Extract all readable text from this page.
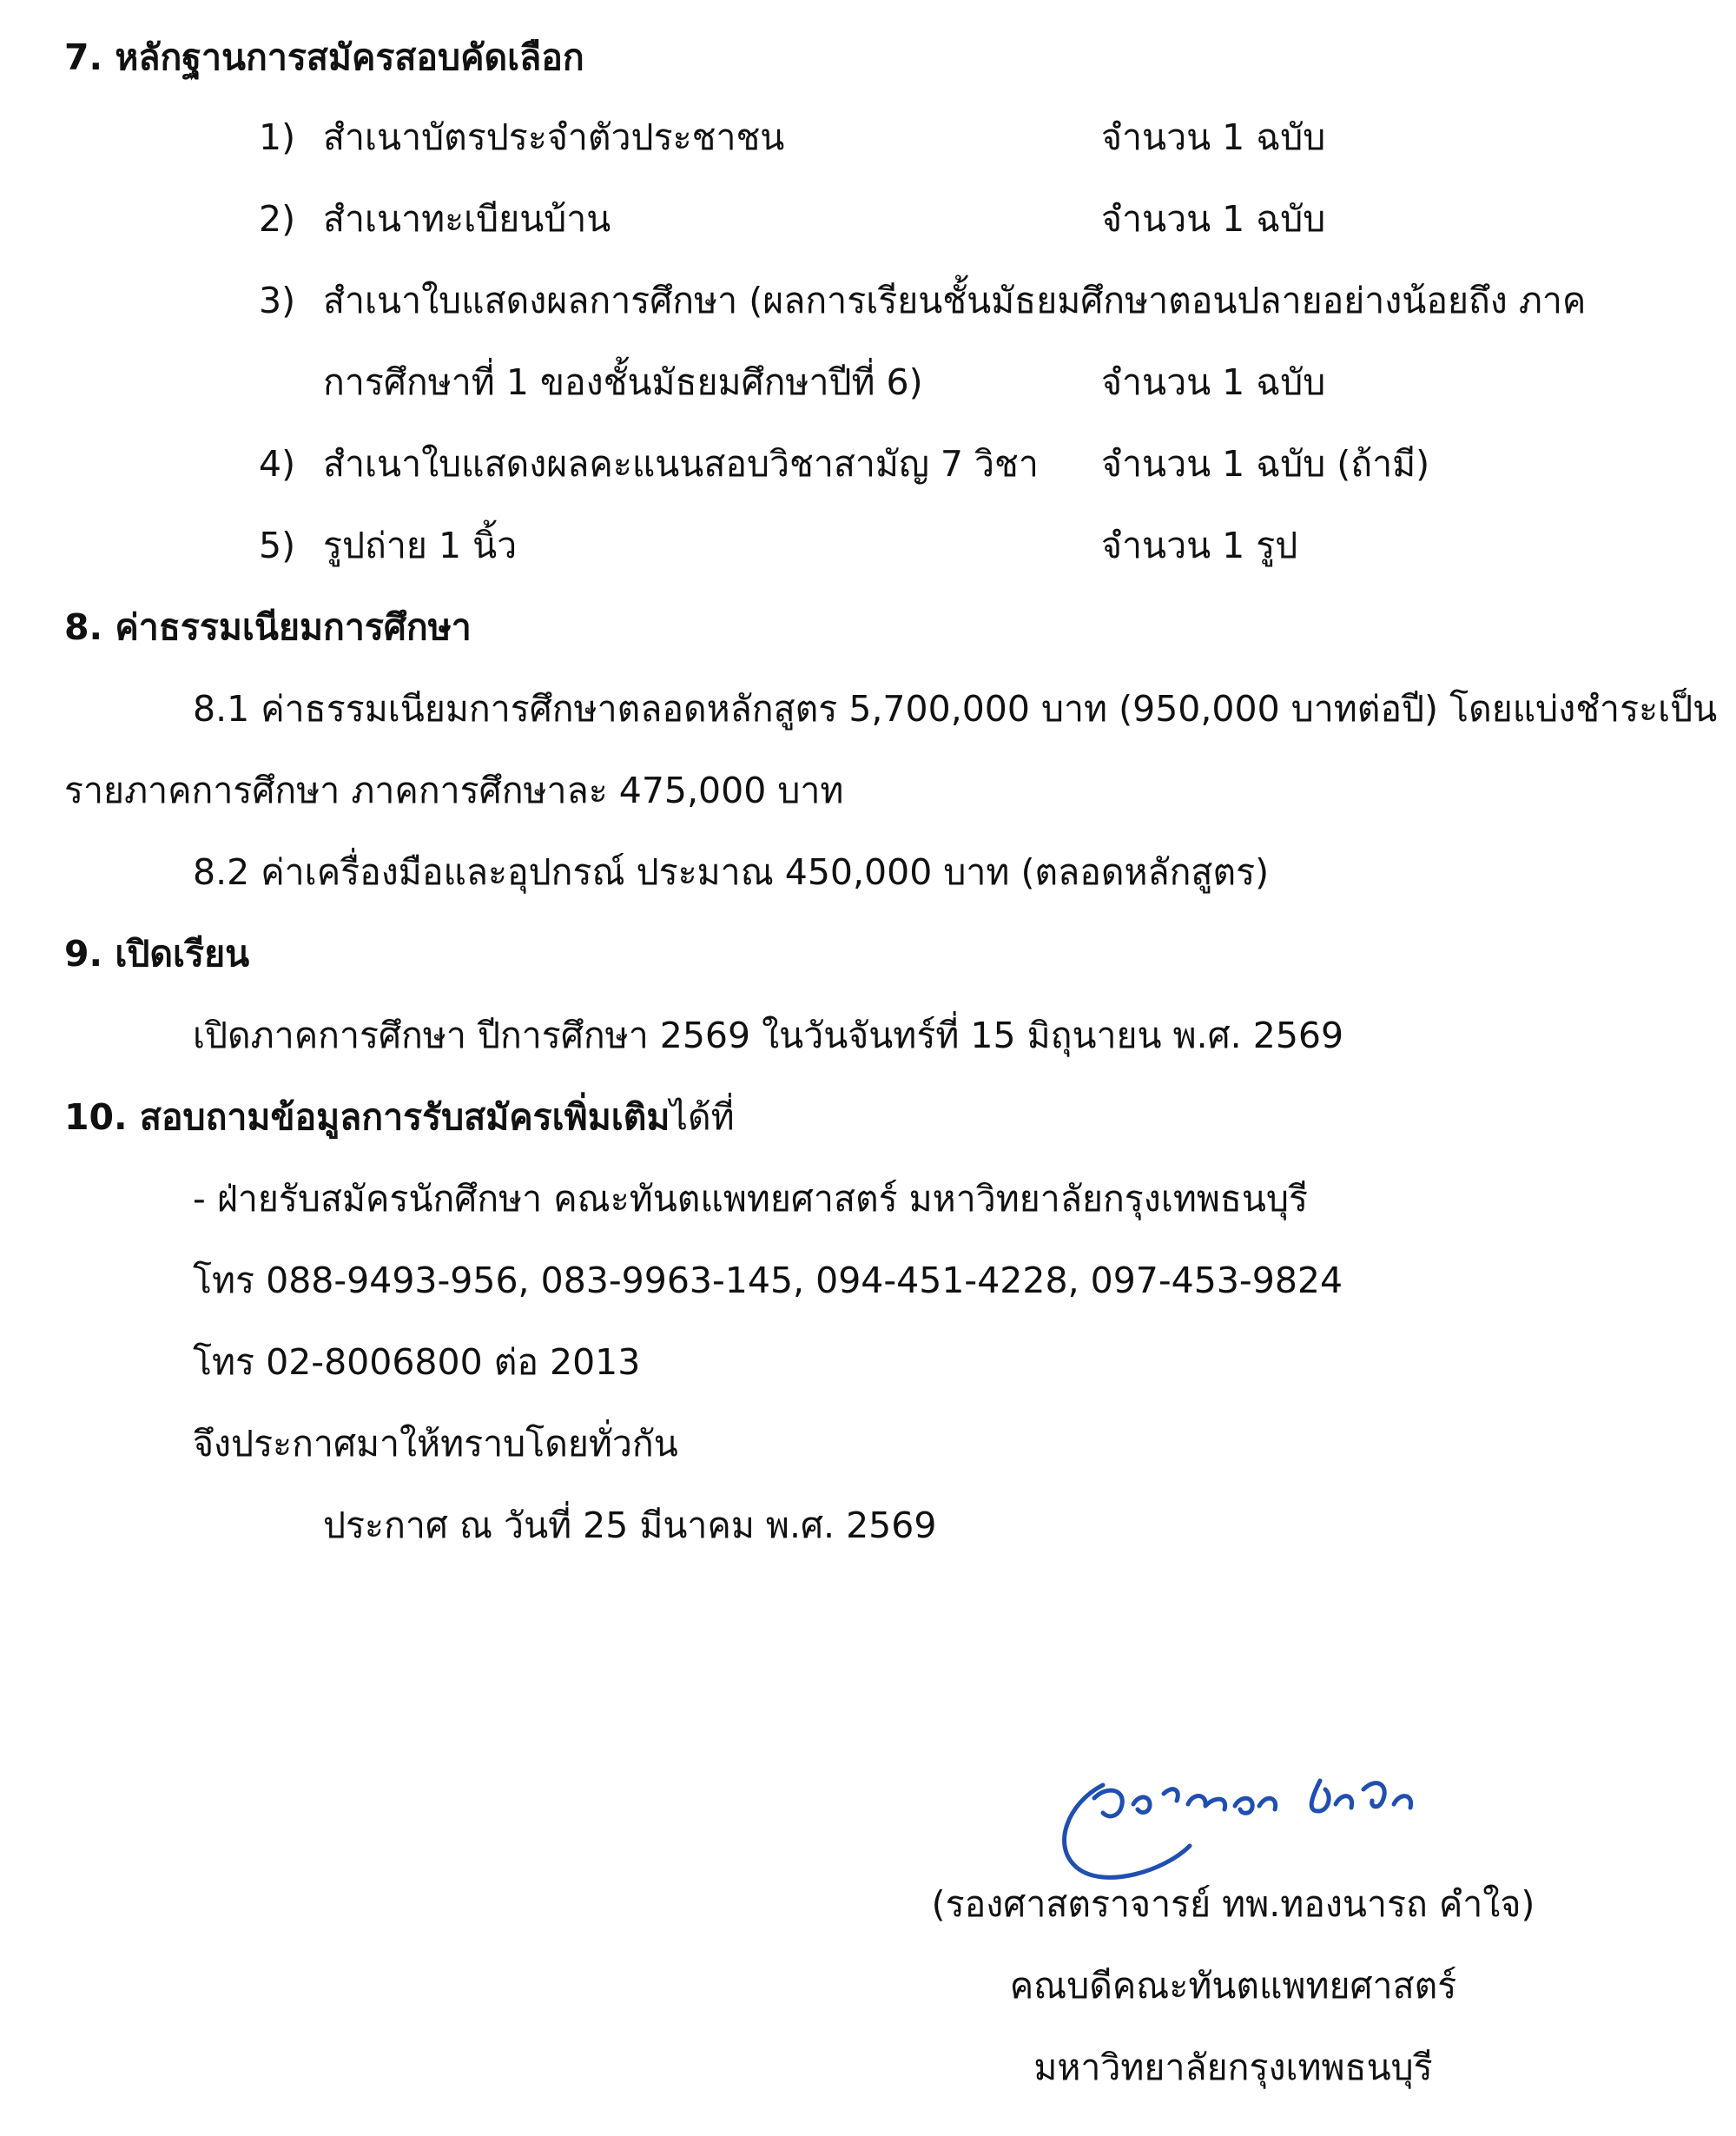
7. หลักฐานการสมัครสอบคัดเลือก
1) สำเนาบัตรประจำตัวประชาชน	จำนวน 1 ฉบับ
2) สำเนาทะเบียนบ้าน	จำนวน 1 ฉบับ
3) สำเนาใบแสดงผลการศึกษา (ผลการเรียนชั้นมัธยมศึกษาตอนปลายอย่างน้อยถึง ภาค
การศึกษาที่ 1 ของชั้นมัธยมศึกษาปีที่ 6)	จำนวน 1 ฉบับ
4) สำเนาใบแสดงผลคะแนนสอบวิชาสามัญ 7 วิชา จำนวน 1 ฉบับ (ถ้ามี)
5) รูปถ่าย 1 นิ้ว	จำนวน 1 รูป
8. ค่าธรรมเนียมการศึกษา
8.1 ค่าธรรมเนียมการศึกษาตลอดหลักสูตร 5,700,000 บาท (950,000 บาทต่อปี) โดยแบ่งชำระเป็น
รายภาคการศึกษา ภาคการศึกษาละ 475,000 บาท
8.2 ค่าเครื่องมือและอุปกรณ์ ประมาณ 450,000 บาท (ตลอดหลักสูตร)
9. เปิดเรียน
เปิดภาคการศึกษา ปีการศึกษา 2569 ในวันจันทร์ที่ 15 มิถุนายน พ.ศ. 2569
10. สอบถามข้อมูลการรับสมัครเพิ่มเติมได้ที่
- ฝ่ายรับสมัครนักศึกษา คณะทันตแพทยศาสตร์ มหาวิทยาลัยกรุงเทพธนบุรี
โทร 088-9493-956, 083-9963-145, 094-451-4228, 097-453-9824
โทร 02-8006800 ต่อ 2013
จึงประกาศมาให้ทราบโดยทั่วกัน
ประกาศ ณ วันที่ 25 มีนาคม พ.ศ. 2569
(รองศาสตราจารย์ ทพ.ทองนารถ คำใจ)
คณบดีคณะทันตแพทยศาสตร์
มหาวิทยาลัยกรุงเทพธนบุรี
